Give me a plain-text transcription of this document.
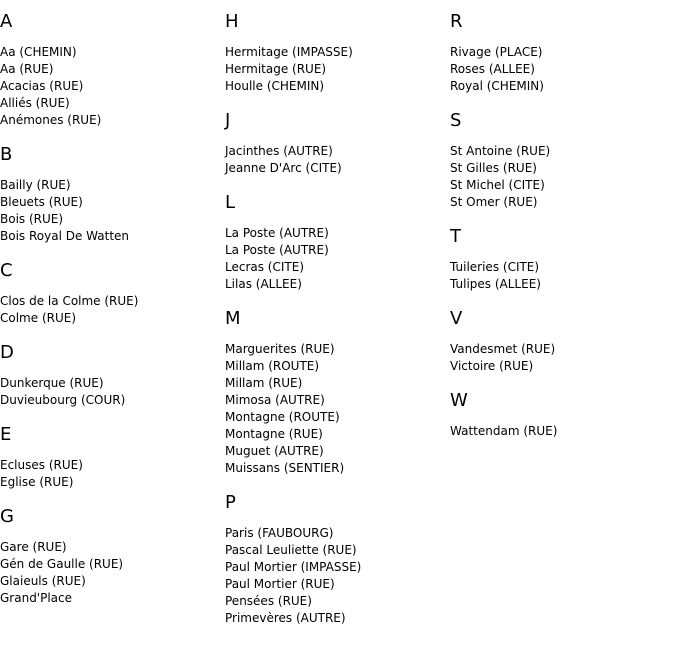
A
Aa (CHEMIN)
Aa (RUE)
Acacias (RUE)
Alliés (RUE)
Anémones (RUE)
B
Bailly (RUE)
Bleuets (RUE)
Bois (RUE)
Bois Royal De Watten
C
Clos de la Colme (RUE)
Colme (RUE)
D
Dunkerque (RUE)
Duvieubourg (COUR)
E
Ecluses (RUE)
Eglise (RUE)
G
Gare (RUE)
Gén de Gaulle (RUE)
Glaieuls (RUE)
Grand'Place
H
Hermitage (IMPASSE)
Hermitage (RUE)
Houlle (CHEMIN)
J
Jacinthes (AUTRE)
Jeanne D'Arc (CITE)
L
La Poste (AUTRE)
La Poste (AUTRE)
Lecras (CITE)
Lilas (ALLEE)
M
Marguerites (RUE)
Millam (ROUTE)
Millam (RUE)
Mimosa (AUTRE)
Montagne (ROUTE)
Montagne (RUE)
Muguet (AUTRE)
Muissans (SENTIER)
P
Paris (FAUBOURG)
Pascal Leuliette (RUE)
Paul Mortier (IMPASSE)
Paul Mortier (RUE)
Pensées (RUE)
Primevères (AUTRE)
R
Rivage (PLACE)
Roses (ALLEE)
Royal (CHEMIN)
S
St Antoine (RUE)
St Gilles (RUE)
St Michel (CITE)
St Omer (RUE)
T
Tuileries (CITE)
Tulipes (ALLEE)
V
Vandesmet (RUE)
Victoire (RUE)
W
Wattendam (RUE)
